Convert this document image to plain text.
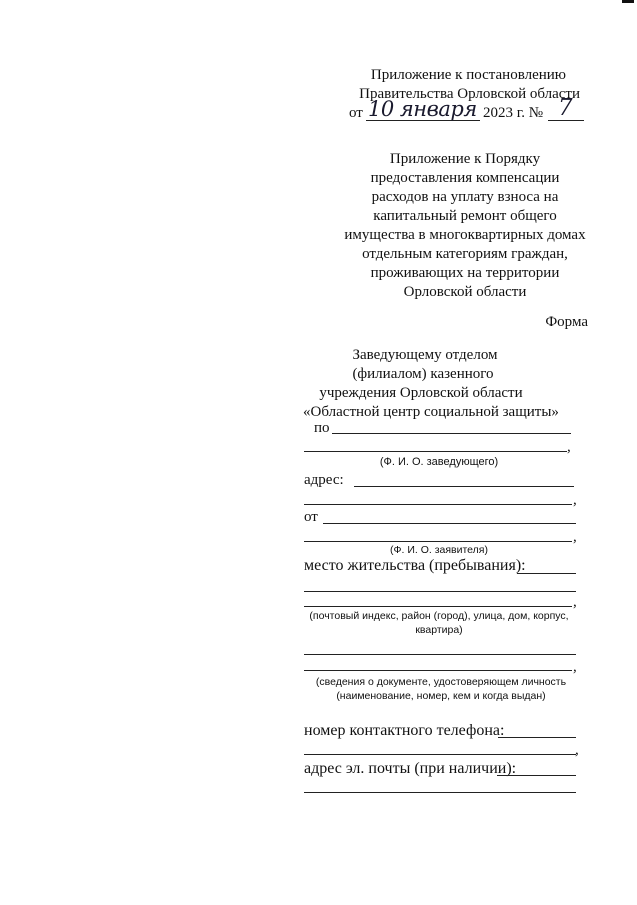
Приложение к постановлению
Правительства Орловской области
от 10 января 2023 г. № 7
Приложение к Порядку
предоставления компенсации
расходов на уплату взноса на
капитальный ремонт общего
имущества в многоквартирных домах
отдельным категориям граждан,
проживающих на территории
Орловской области
Форма
Заведующему отделом
(филиалом) казенного
учреждения Орловской области
«Областной центр социальной защиты»
по
,
(Ф. И. О. заведующего)
адрес:
,
от
,
(Ф. И. О. заявителя)
место жительства (пребывания):
,
(почтовый индекс, район (город), улица, дом, корпус,
квартира)
,
(сведения о документе, удостоверяющем личность
(наименование, номер, кем и когда выдан)
номер контактного телефона:
,
адрес эл. почты (при наличии):
